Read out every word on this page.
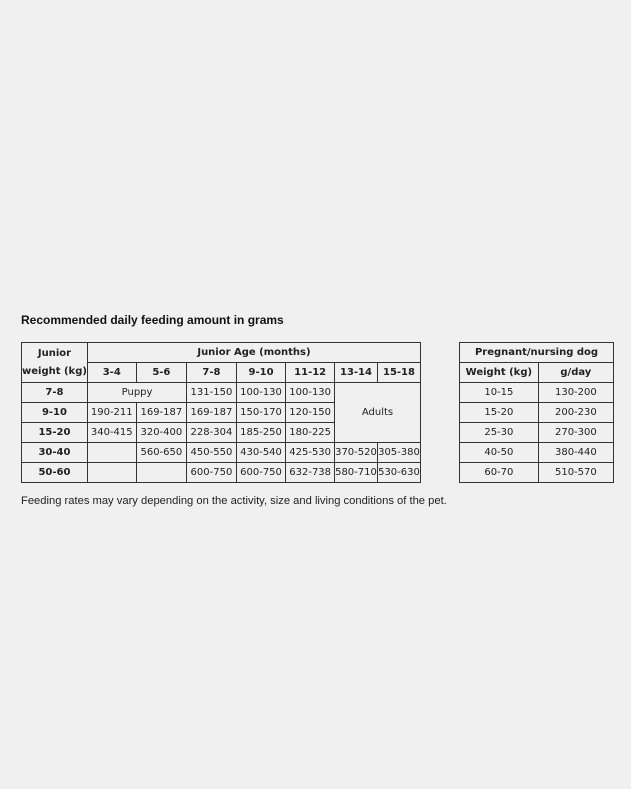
Recommended daily feeding amount in grams
Junior
weight (kg)	Junior Age (months)						
	3-4	5-6	7-8	9-10	11-12	13-14	15-18
7-8	Puppy		131-150	100-130	100-130	Adults	
9-10	190-211	169-187	169-187	150-170	120-150		
15-20	340-415	320-400	228-304	185-250	180-225		
30-40		560-650	450-550	430-540	425-530	370-520	305-380
50-60			600-750	600-750	632-738	580-710	530-630
Pregnant/nursing dog	
Weight (kg)	g/day
10-15	130-200
15-20	200-230
25-30	270-300
40-50	380-440
60-70	510-570
Feeding rates may vary depending on the activity, size and living conditions of the pet.
